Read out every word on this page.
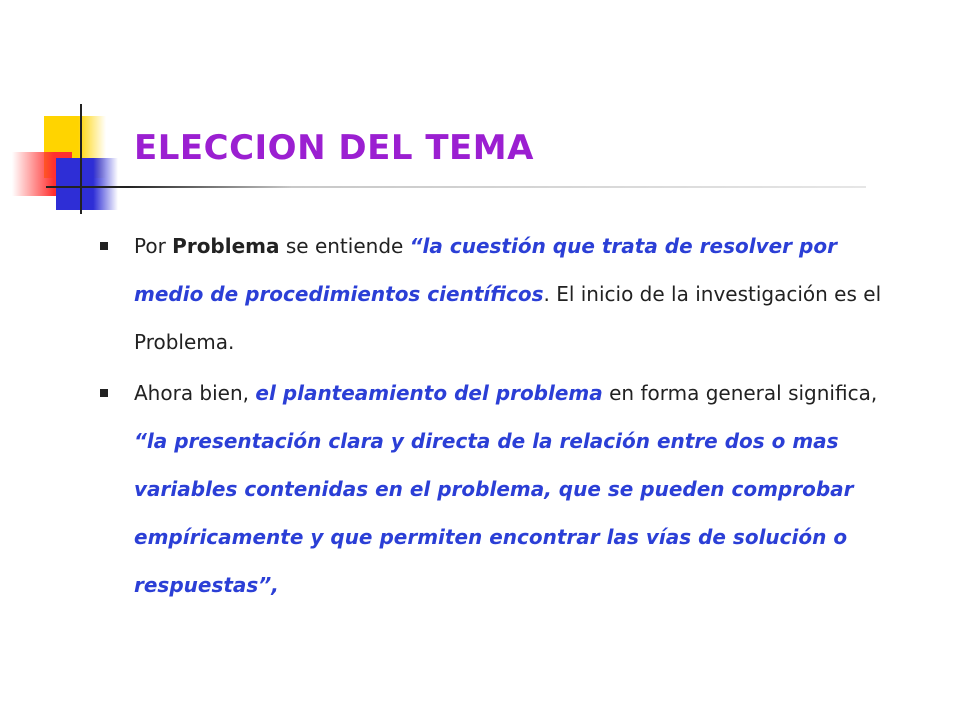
ELECCION DEL TEMA
Por Problema se entiende “la cuestión que trata de resolver por medio de procedimientos científicos. El inicio de la investigación es el Problema.
Ahora bien, el planteamiento del problema en forma general significa, “la presentación clara y directa de la relación entre dos o mas variables contenidas en el problema, que se pueden comprobar empíricamente y que permiten encontrar las vías de solución o respuestas”,
